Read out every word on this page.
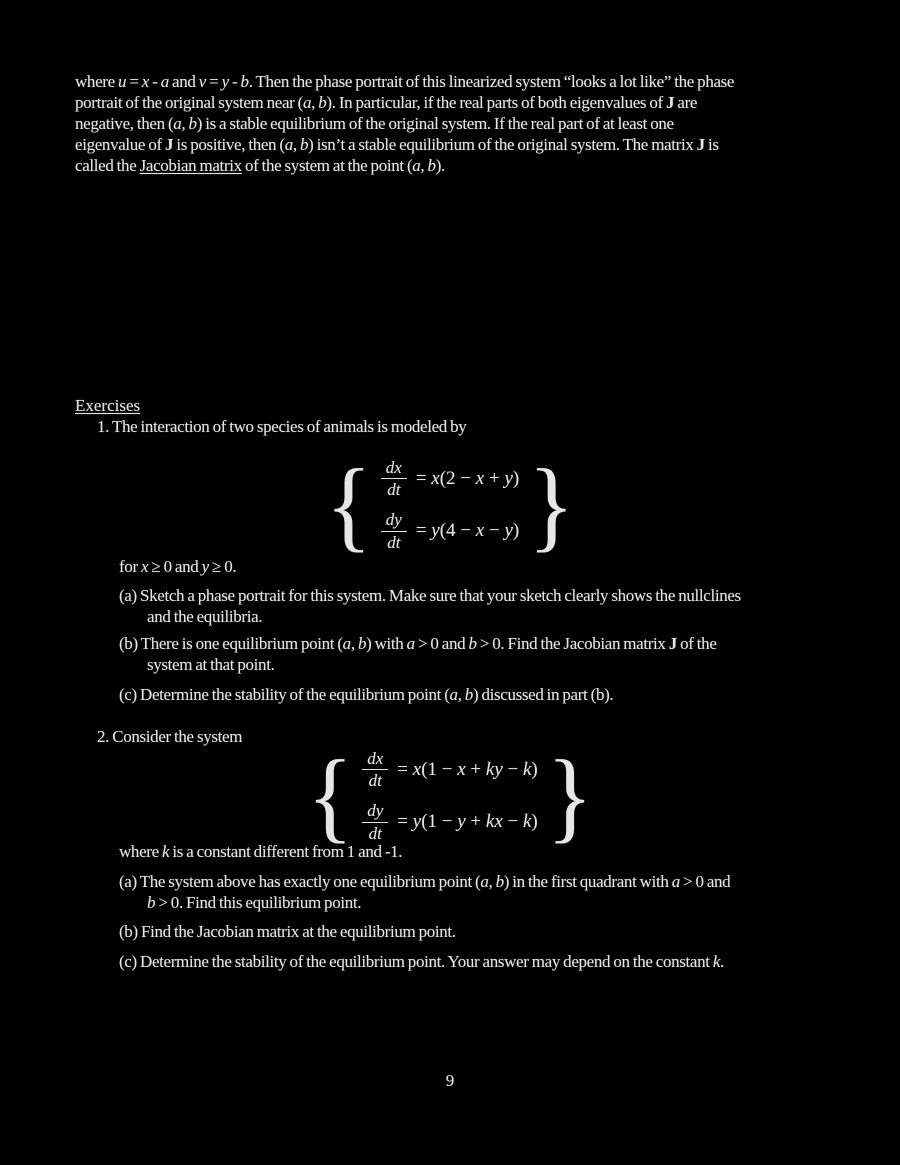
where u = x - a and v = y - b. Then the phase portrait of this linearized system “looks a lot like” the phase
portrait of the original system near (a, b). In particular, if the real parts of both eigenvalues of J are
negative, then (a, b) is a stable equilibrium of the original system. If the real part of at least one
eigenvalue of J is positive, then (a, b) isn’t a stable equilibrium of the original system. The matrix J is
called the Jacobian matrix of the system at the point (a, b).
Exercises
1. The interaction of two species of animals is modeled by
{ $\frac{dx}{dt} = x(2 - x + y)$
$\frac{dy}{dt} = y(4 - x - y)$ }
for x ≥ 0 and y ≥ 0.
(a) Sketch a phase portrait for this system. Make sure that your sketch clearly shows the nullclines
and the equilibria.
(b) There is one equilibrium point (a, b) with a > 0 and b > 0. Find the Jacobian matrix J of the
system at that point.
(c) Determine the stability of the equilibrium point (a, b) discussed in part (b).
2. Consider the system
{ $\frac{dx}{dt} = x(1 - x$ + ky − k)
$\frac{dy}{dt} = y(1 - y$ + kx − k) }
where k is a constant different from 1 and -1.
(a) The system above has exactly one equilibrium point (a, b) in the first quadrant with a > 0 and
b > 0. Find this equilibrium point.
(b) Find the Jacobian matrix at the equilibrium point.
(c) Determine the stability of the equilibrium point. Your answer may depend on the constant k.
9
